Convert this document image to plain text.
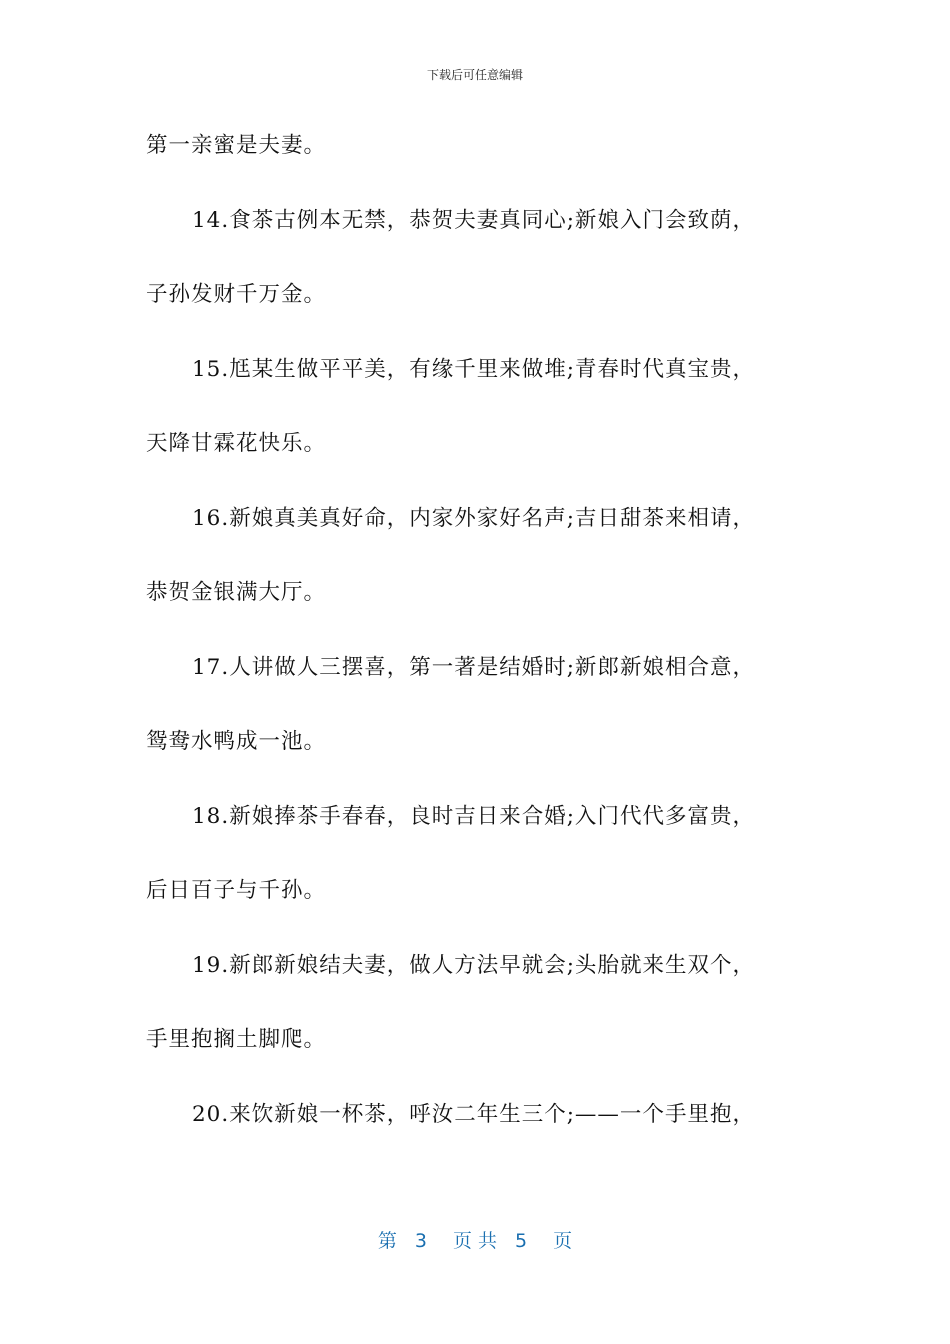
下载后可任意编辑
第一亲蜜是夫妻。
14.食茶古例本无禁，恭贺夫妻真同心;新娘入门会致荫，
子孙发财千万金。
15.尪某生做平平美，有缘千里来做堆;青春时代真宝贵，
天降甘霖花快乐。
16.新娘真美真好命，内家外家好名声;吉日甜茶来相请，
恭贺金银满大厅。
17.人讲做人三摆喜，第一著是结婚时;新郎新娘相合意，
鸳鸯水鸭成一池。
18.新娘捧茶手春春，良时吉日来合婚;入门代代多富贵，
后日百子与千孙。
19.新郎新娘结夫妻，做人方法早就会;头胎就来生双个，
手里抱搁土脚爬。
20.来饮新娘一杯茶，呼汝二年生三个;——一个手里抱，
第 3 页 共 5 页
